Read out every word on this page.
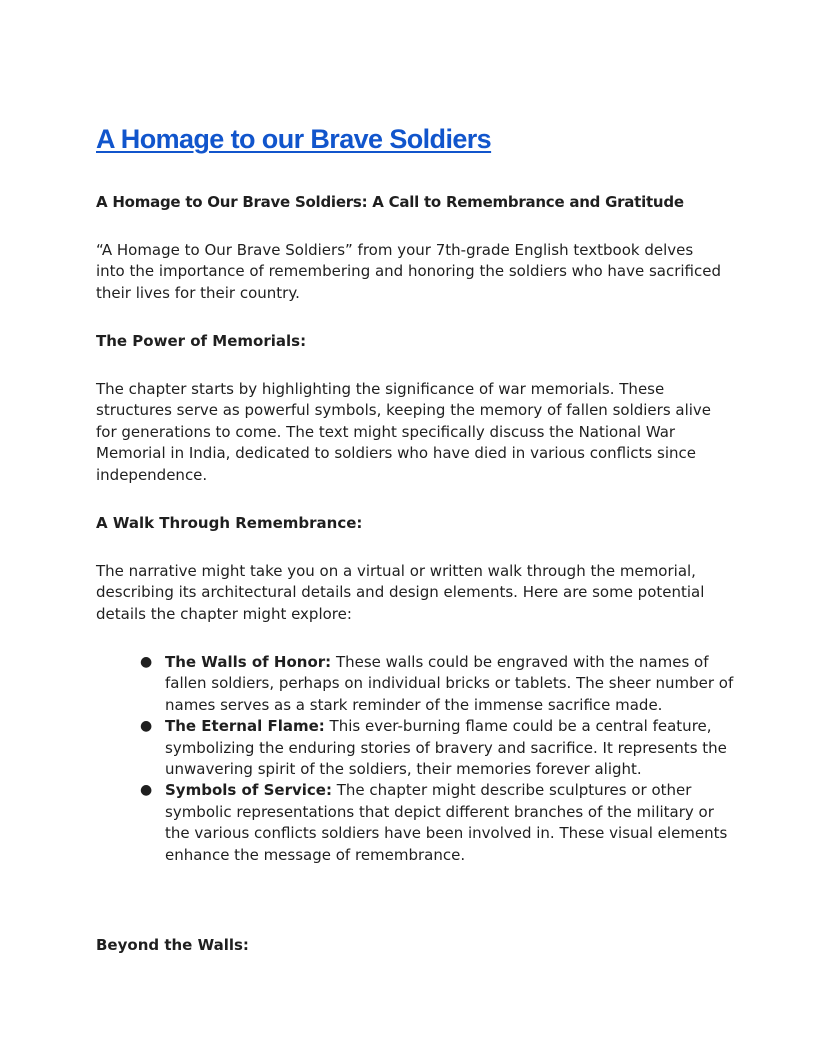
A Homage to our Brave Soldiers

A Homage to Our Brave Soldiers: A Call to Remembrance and Gratitude

“A Homage to Our Brave Soldiers” from your 7th-grade English textbook delves into the importance of remembering and honoring the soldiers who have sacrificed their lives for their country.

The Power of Memorials:

The chapter starts by highlighting the significance of war memorials. These structures serve as powerful symbols, keeping the memory of fallen soldiers alive for generations to come. The text might specifically discuss the National War Memorial in India, dedicated to soldiers who have died in various conflicts since independence.

A Walk Through Remembrance:

The narrative might take you on a virtual or written walk through the memorial, describing its architectural details and design elements. Here are some potential details the chapter might explore:

● The Walls of Honor: These walls could be engraved with the names of fallen soldiers, perhaps on individual bricks or tablets. The sheer number of names serves as a stark reminder of the immense sacrifice made.
● The Eternal Flame: This ever-burning flame could be a central feature, symbolizing the enduring stories of bravery and sacrifice. It represents the unwavering spirit of the soldiers, their memories forever alight.
● Symbols of Service: The chapter might describe sculptures or other symbolic representations that depict different branches of the military or the various conflicts soldiers have been involved in. These visual elements enhance the message of remembrance.

Beyond the Walls:
